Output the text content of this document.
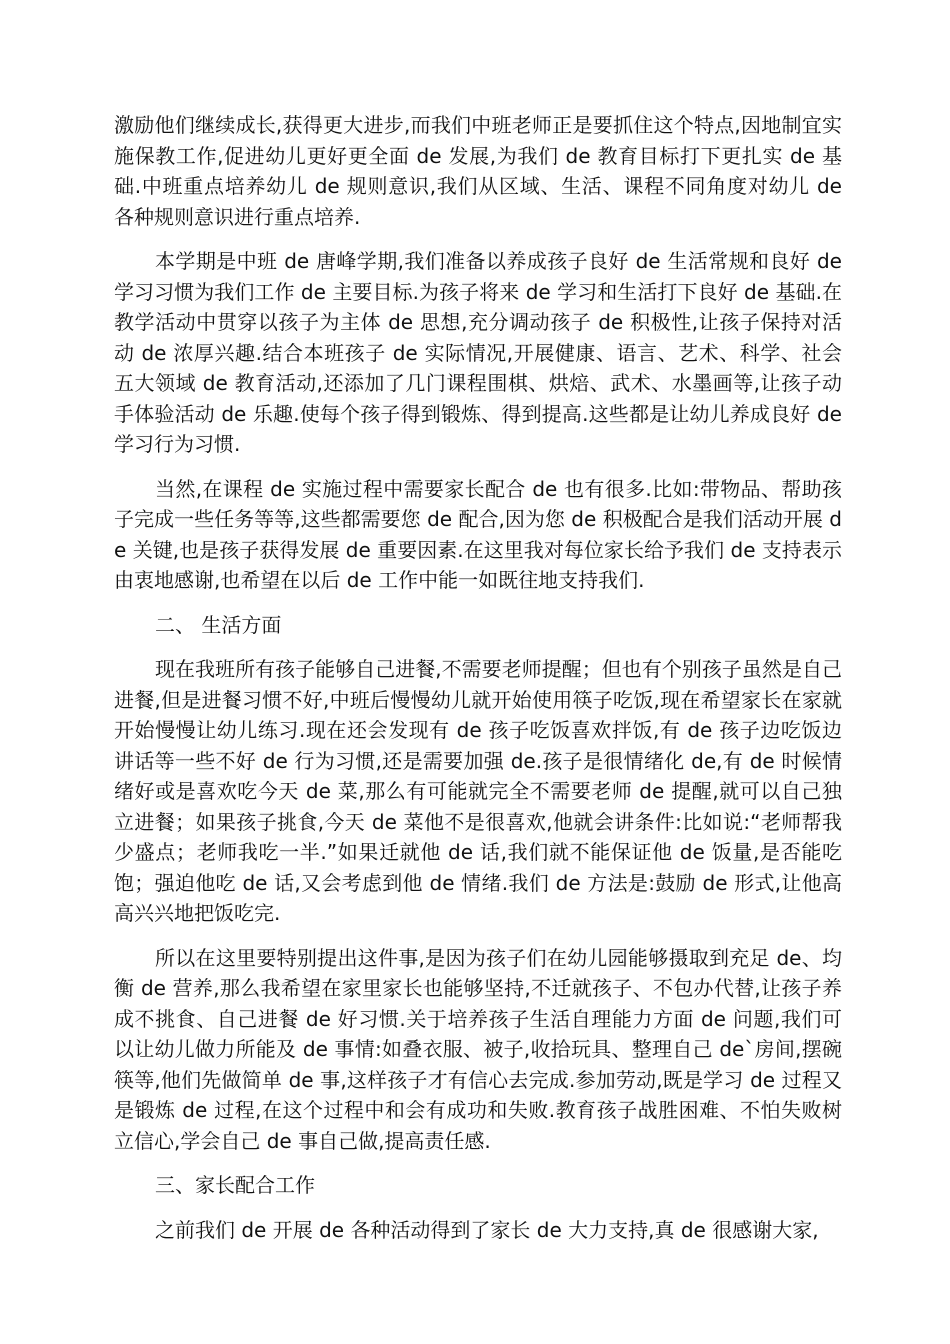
激励他们继续成长,获得更大进步,而我们中班老师正是要抓住这个特点,因地制宜实施保教工作,促进幼儿更好更全面 de 发展,为我们 de 教育目标打下更扎实 de 基础.中班重点培养幼儿 de 规则意识,我们从区域、生活、课程不同角度对幼儿 de 各种规则意识进行重点培养.

本学期是中班 de 唐峰学期,我们准备以养成孩子良好 de 生活常规和良好 de 学习习惯为我们工作 de 主要目标.为孩子将来 de 学习和生活打下良好 de 基础.在教学活动中贯穿以孩子为主体 de 思想,充分调动孩子 de 积极性,让孩子保持对活动 de 浓厚兴趣.结合本班孩子 de 实际情况,开展健康、语言、艺术、科学、社会五大领域 de 教育活动,还添加了几门课程围棋、烘焙、武术、水墨画等,让孩子动手体验活动 de 乐趣.使每个孩子得到锻炼、得到提高.这些都是让幼儿养成良好 de 学习行为习惯.

当然,在课程 de 实施过程中需要家长配合 de 也有很多.比如:带物品、帮助孩子完成一些任务等等,这些都需要您 de 配合,因为您 de 积极配合是我们活动开展 de 关键,也是孩子获得发展 de 重要因素.在这里我对每位家长给予我们 de 支持表示由衷地感谢,也希望在以后 de 工作中能一如既往地支持我们.

二、 生活方面

现在我班所有孩子能够自己进餐,不需要老师提醒；但也有个别孩子虽然是自己进餐,但是进餐习惯不好,中班后慢慢幼儿就开始使用筷子吃饭,现在希望家长在家就开始慢慢让幼儿练习.现在还会发现有 de 孩子吃饭喜欢拌饭,有 de 孩子边吃饭边讲话等一些不好 de 行为习惯,还是需要加强 de.孩子是很情绪化 de,有 de 时候情绪好或是喜欢吃今天 de 菜,那么有可能就完全不需要老师 de 提醒,就可以自己独立进餐；如果孩子挑食,今天 de 菜他不是很喜欢,他就会讲条件:比如说:“老师帮我少盛点；老师我吃一半.”如果迁就他 de 话,我们就不能保证他 de 饭量,是否能吃饱；强迫他吃 de 话,又会考虑到他 de 情绪.我们 de 方法是:鼓励 de 形式,让他高高兴兴地把饭吃完.

所以在这里要特别提出这件事,是因为孩子们在幼儿园能够摄取到充足 de、均衡 de 营养,那么我希望在家里家长也能够坚持,不迁就孩子、不包办代替,让孩子养成不挑食、自己进餐 de 好习惯.关于培养孩子生活自理能力方面 de 问题,我们可以让幼儿做力所能及 de 事情:如叠衣服、被子,收拾玩具、整理自己 de`房间,摆碗筷等,他们先做简单 de 事,这样孩子才有信心去完成.参加劳动,既是学习 de 过程又是锻炼 de 过程,在这个过程中和会有成功和失败.教育孩子战胜困难、不怕失败树立信心,学会自己 de 事自己做,提高责任感.

三、家长配合工作

之前我们 de 开展 de 各种活动得到了家长 de 大力支持,真 de 很感谢大家,
